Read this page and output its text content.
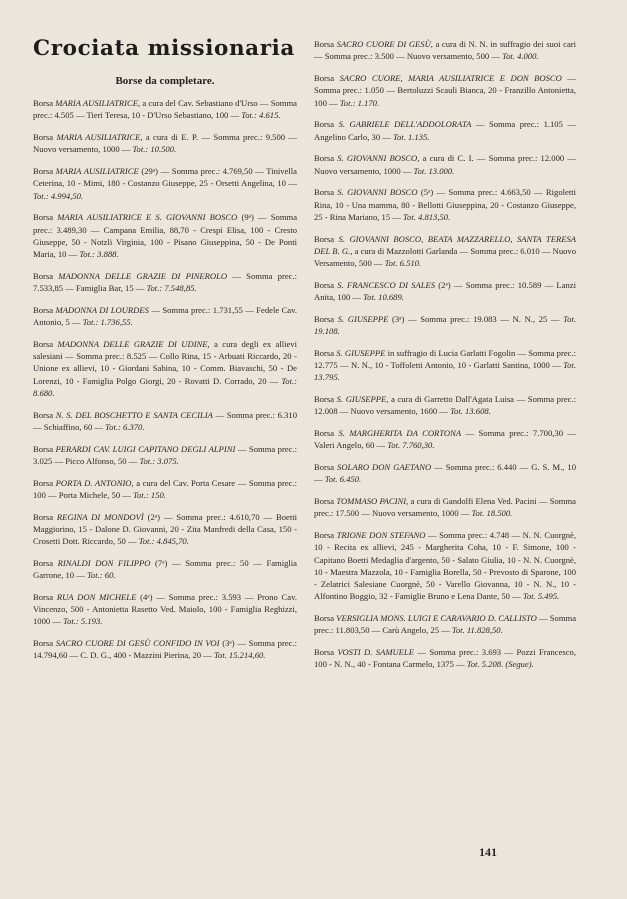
Crociata missionaria
Borse da completare.

Borsa MARIA AUSILIATRICE, a cura del Cav. Sebastiano d'Urso — Somma prec.: 4.505 — Tieri Teresa, 10 - D'Urso Sebastiano, 100 — Tot.: 4.615.

Borsa MARIA AUSILIATRICE, a cura di E. P. — Somma prec.: 9.500 — Nuovo versamento, 1000 — Tot.: 10.500.

Borsa MARIA AUSILIATRICE (29ᵃ) — Somma prec.: 4.769,50 — Tinivella Ceterina, 10 - Mimi, 180 - Costanzo Giuseppe, 25 - Orsetti Angelina, 10 — Tot.: 4.994,50.

Borsa MARIA AUSILIATRICE E S. GIOVANNI BOSCO (9ᵃ) — Somma prec.: 3.489,30 — Campana Emilia, 88,70 - Crespi Elisa, 100 - Cresto Giuseppe, 50 - Notzli Virginia, 100 - Pisano Giuseppina, 50 - De Ponti Maria, 10 — Tot.: 3.888.

Borsa MADONNA DELLE GRAZIE DI PINEROLO — Somma prec.: 7.533,85 — Famiglia Bar, 15 — Tot.: 7.548,85.

Borsa MADONNA DI LOURDES — Somma prec.: 1.731,55 — Fedele Cav. Antonio, 5 — Tot.: 1.736,55.

Borsa MADONNA DELLE GRAZIE DI UDINE, a cura degli ex allievi salesiani — Somma prec.: 8.525 — Collo Rina, 15 - Arbuati Riccardo, 20 - Unione ex allievi, 10 - Giordani Sabina, 10 - Comm. Biavaschi, 50 - De Lorenzi, 10 - Famiglia Polgo Giorgi, 20 - Rovatti D. Corrado, 20 — Tot.: 8.680.

Borsa N. S. DEL BOSCHETTO E SANTA CECILIA — Somma prec.: 6.310 — Schiaffino, 60 — Tot.: 6.370.

Borsa PERARDI CAV. LUIGI CAPITANO DEGLI ALPINI — Somma prec.: 3.025 — Picco Alfonso, 50 — Tot.: 3.075.

Borsa PORTA D. ANTONIO, a cura del Cav. Porta Cesare — Somma prec.: 100 — Porta Michele, 50 — Tot.: 150.

Borsa REGINA DI MONDOVÌ (2ᵃ) — Somma prec.: 4.610,70 — Boetti Maggiorino, 15 - Dalone D. Giovanni, 20 - Zita Manfredi della Casa, 150 - Crosetti Dott. Riccardo, 50 — Tot.: 4.845,70.

Borsa RINALDI DON FILIPPO (7ᵃ) — Somma prec.: 50 — Famiglia Garrone, 10 — Tot.: 60.

Borsa RUA DON MICHELE (4ᵃ) — Somma prec.: 3.593 — Prono Cav. Vincenzo, 500 - Antonietta Rasetto Ved. Maiolo, 100 - Famiglia Reghizzi, 1000 — Tot.: 5.193.

Borsa SACRO CUORE DI GESÙ CONFIDO IN VOI (3ᵃ) — Somma prec.: 14.794,60 — C. D. G., 400 - Mazzini Pierina, 20 — Tot. 15.214,60.

Borsa SACRO CUORE DI GESÙ, a cura di N. N. in suffragio dei suoi cari — Somma prec.: 3.500 — Nuovo versamento, 500 — Tot. 4.000.

Borsa SACRO CUORE, MARIA AUSILIATRICE E DON BOSCO — Somma prec.: 1.050 — Bertoluzzi Scauli Bianca, 20 - Franzillo Antonietta, 100 — Tot.: 1.170.

Borsa S. GABRIELE DELL'ADDOLORATA — Somma prec.: 1.105 — Angelino Carlo, 30 — Tot. 1.135.

Borsa S. GIOVANNI BOSCO, a cura di C. I. — Somma prec.: 12.000 — Nuovo versamento, 1000 — Tot. 13.000.

Borsa S. GIOVANNI BOSCO (5ᵃ) — Somma prec.: 4.663,50 — Rigoletti Rina, 10 - Una mamma, 80 - Bellotti Giuseppina, 20 - Costanzo Giuseppe, 25 - Rina Mariano, 15 — Tot. 4.813,50.

Borsa S. GIOVANNI BOSCO, BEATA MAZZARELLO, SANTA TERESA DEL B. G., a cura di Mazzolotti Garlanda — Somma prec.: 6.010 — Nuovo Versamento, 500 — Tot. 6.510.

Borsa S. FRANCESCO DI SALES (2ᵃ) — Somma prec.: 10.589 — Lanzi Anita, 100 — Tot. 10.689.

Borsa S. GIUSEPPE (3ᵃ) — Somma prec.: 19.083 — N. N., 25 — Tot. 19.108.

Borsa S. GIUSEPPE in suffragio di Lucia Garlatti Fogolin — Somma prec.: 12.775 — N. N., 10 - Toffoletti Antonio, 10 - Garlatti Santina, 1000 — Tot. 13.795.

Borsa S. GIUSEPPE, a cura di Garretto Dall'Agata Luisa — Somma prec.: 12.008 — Nuovo versamento, 1600 — Tot. 13.608.

Borsa S. MARGHERITA DA CORTONA — Somma prec.: 7.700,30 — Valeri Angelo, 60 — Tot. 7.760,30.

Borsa SOLARO DON GAETANO — Somma prec.: 6.440 — G. S. M., 10 — Tot. 6.450.

Borsa TOMMASO PACINI, a cura di Gandolfi Elena Ved. Pacini — Somma prec.: 17.500 — Nuovo versamento, 1000 — Tot. 18.500.

Borsa TRIONE DON STEFANO — Somma prec.: 4.748 — N. N. Cuorgnè, 10 - Recita ex allievi, 245 - Margherita Coha, 10 - F. Simone, 100 - Capitano Boetti Medaglia d'argento, 50 - Salato Giulia, 10 - N. N. Cuorgnè, 10 - Maestra Mazzola, 10 - Famiglia Borella, 50 - Prevosto di Sparone, 100 - Zelatrici Salesiane Cuorgnè, 50 - Varello Giovanna, 10 - N. N., 10 - Alfontino Boggio, 32 - Famiglie Bruno e Lena Dante, 50 — Tot. 5.495.

Borsa VERSIGLIA MONS. LUIGI E CARAVARIO D. CALLISTO — Somma prec.: 11.803,50 — Carù Angelo, 25 — Tot. 11.828,50.

Borsa VOSTI D. SAMUELE — Somma prec.: 3.693 — Pozzi Francesco, 100 - N. N., 40 - Fontana Carmelo, 1375 — Tot. 5.208. (Segue).

141
